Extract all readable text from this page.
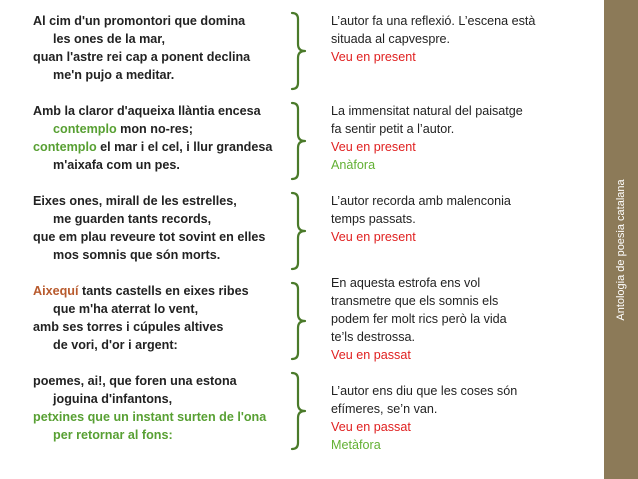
Al cim d'un promontori que domina
les ones de la mar,
quan l'astre rei cap a ponent declina
me'n pujo a meditar.
Amb la claror d'aqueixa llàntia encesa
contemplo mon no-res;
contemplo el mar i el cel, i llur grandesa
m'aixafa com un pes.
Eixes ones, mirall de les estrelles,
me guarden tants records,
que em plau reveure tot sovint en elles
mos somnis que són morts.
Aixequí tants castells en eixes ribes
que m'ha aterrat lo vent,
amb ses torres i cúpules altives
de vori, d'or i argent:
poemes, ai!, que foren una estona
joguina d'infantons,
petxines que un instant surten de l'ona
per retornar al fons:
L’autor fa una reflexió. L’escena està
situada al capvespre.
Veu en present
La immensitat natural del paisatge
fa sentir petit a l’autor.
Veu en present
Anàfora
L’autor recorda amb malenconia
temps passats.
Veu en present
En aquesta estrofa ens vol
transmetre que els somnis els
podem fer molt rics però la vida
te’ls destrossa.
Veu en passat
L’autor ens diu que les coses són
efímeres, se’n van.
Veu en passat
Metàfora
Antologia de poesia catalana
